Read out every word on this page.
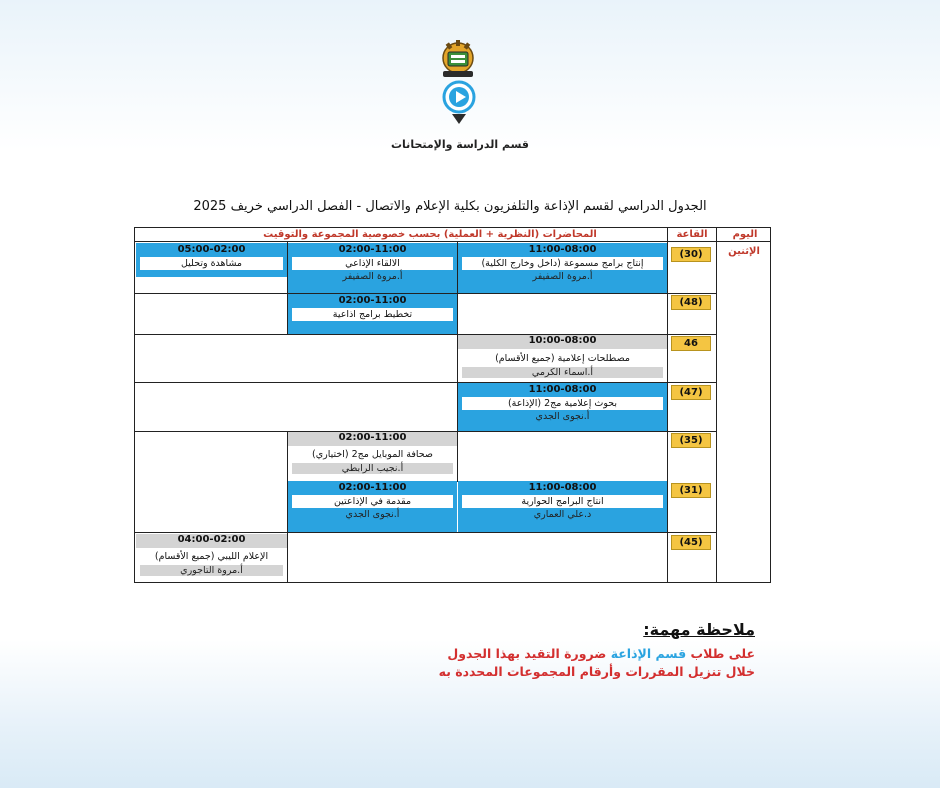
قسم الدراسة والإمتحانات
الجدول الدراسي لقسم الإذاعة والتلفزيون بكلية الإعلام والاتصال - الفصل الدراسي خريف 2025
اليوم
القاعة
المحاضرات (النظرية + العملية) بحسب خصوصية المجموعة والتوقيت
الإثنين
(30)
(48)
46
(47)
(35)
(31)
(45)
11:00-08:00
إنتاج برامج مسموعة (داخل وخارج الكلية)
أ.مروة الصفيفر
02:00-11:00
الالقاء الإذاعي
أ.مروة الصفيفر
05:00-02:00
مشاهدة وتحليل
02:00-11:00
تخطيط برامج اذاعية
10:00-08:00
مصطلحات إعلامية (جميع الأقسام)
أ.اسماء الكرمي
11:00-08:00
بحوث إعلامية مج2 (الإذاعة)
أ.نجوى الجدي
02:00-11:00
صحافة الموبايل مج2 (اختياري)
أ.نجيب الرابطي
11:00-08:00
انتاج البرامج الحوارية
د.علي العماري
02:00-11:00
مقدمة في الإذاعتين
أ.نجوى الجدي
04:00-02:00
الإعلام الليبي (جميع الأقسام)
أ.مروة التاجوري
ملاحظة مهمة:
على طلاب قسم الإذاعة ضرورة التقيد بهذا الجدول
خلال تنزيل المقررات وأرقام المجموعات المحددة به
